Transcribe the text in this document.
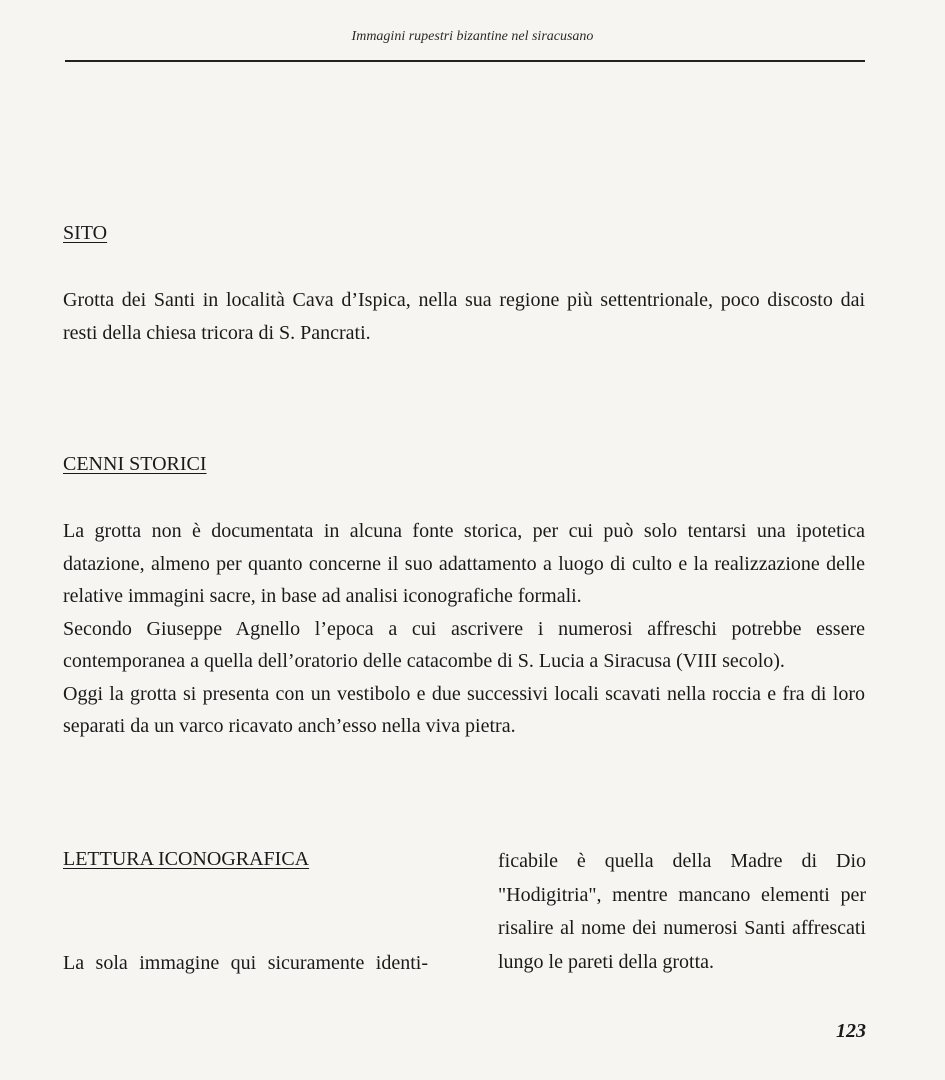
Immagini rupestri bizantine nel siracusano
SITO

Grotta dei Santi in località Cava d’Ispica, nella sua regione più settentrionale, poco discosto dai resti della chiesa tricora di S. Pancrati.

CENNI STORICI

La grotta non è documentata in alcuna fonte storica, per cui può solo tentarsi una ipotetica datazione, almeno per quanto concerne il suo adattamento a luogo di culto e la realizzazione delle relative immagini sacre, in base ad analisi iconografiche formali.

Secondo Giuseppe Agnello l’epoca a cui ascrivere i numerosi affreschi potrebbe essere contemporanea a quella dell’oratorio delle catacombe di S. Lucia a Siracusa (VIII secolo).

Oggi la grotta si presenta con un vestibolo e due successivi locali scavati nella roccia e fra di loro separati da un varco ricavato anch’esso nella viva pietra.

LETTURA ICONOGRAFICA
La sola immagine qui sicuramente identi-
ficabile è quella della Madre di Dio "Hodigitria", mentre mancano elementi per risalire al nome dei numerosi Santi affrescati lungo le pareti della grotta.
123
